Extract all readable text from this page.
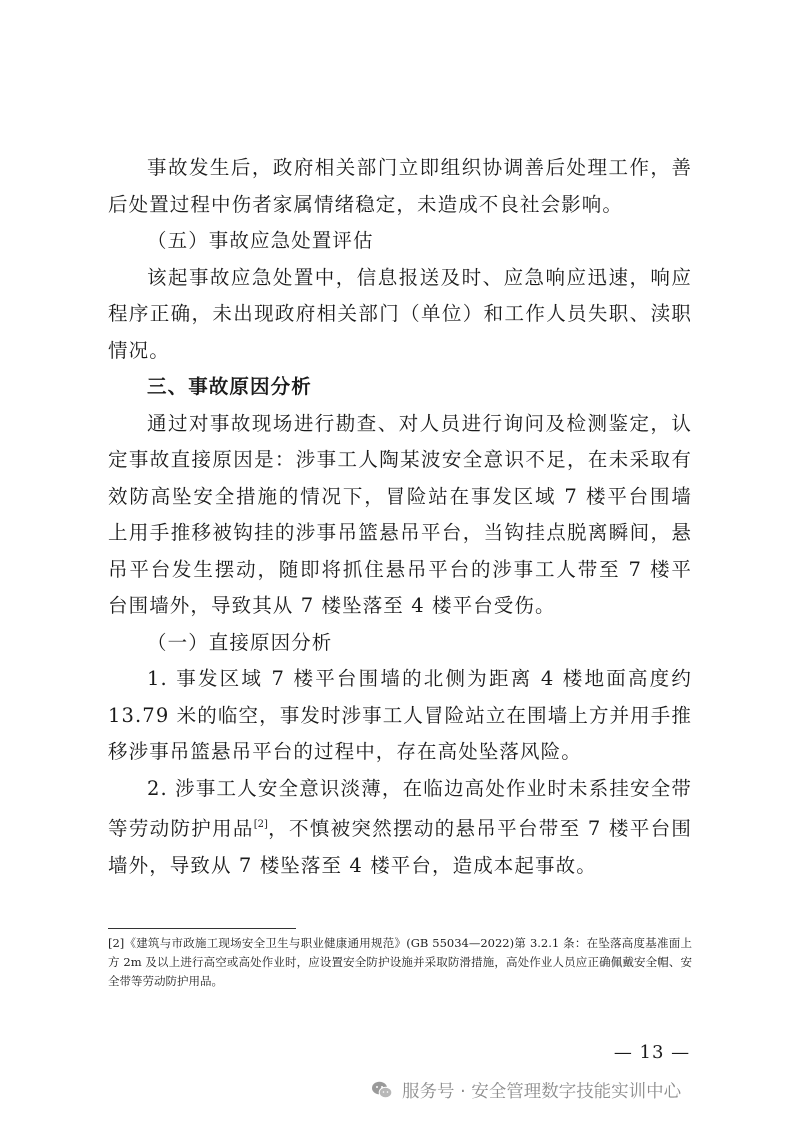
事故发生后，政府相关部门立即组织协调善后处理工作，善后处置过程中伤者家属情绪稳定，未造成不良社会影响。

（五）事故应急处置评估

该起事故应急处置中，信息报送及时、应急响应迅速，响应程序正确，未出现政府相关部门（单位）和工作人员失职、渎职情况。

三、事故原因分析

通过对事故现场进行勘查、对人员进行询问及检测鉴定，认定事故直接原因是：涉事工人陶某波安全意识不足，在未采取有效防高坠安全措施的情况下，冒险站在事发区域 7 楼平台围墙上用手推移被钩挂的涉事吊篮悬吊平台，当钩挂点脱离瞬间，悬吊平台发生摆动，随即将抓住悬吊平台的涉事工人带至 7 楼平台围墙外，导致其从 7 楼坠落至 4 楼平台受伤。

（一）直接原因分析

1. 事发区域 7 楼平台围墙的北侧为距离 4 楼地面高度约 13.79 米的临空，事发时涉事工人冒险站立在围墙上方并用手推移涉事吊篮悬吊平台的过程中，存在高处坠落风险。

2. 涉事工人安全意识淡薄，在临边高处作业时未系挂安全带等劳动防护用品[2]，不慎被突然摆动的悬吊平台带至 7 楼平台围墙外，导致从 7 楼坠落至 4 楼平台，造成本起事故。

[2]《建筑与市政施工现场安全卫生与职业健康通用规范》(GB 55034—2022)第 3.2.1 条：在坠落高度基准面上方 2m 及以上进行高空或高处作业时，应设置安全防护设施并采取防滑措施，高处作业人员应正确佩戴安全帽、安全带等劳动防护用品。

— 13 —
服务号 · 安全管理数字技能实训中心
